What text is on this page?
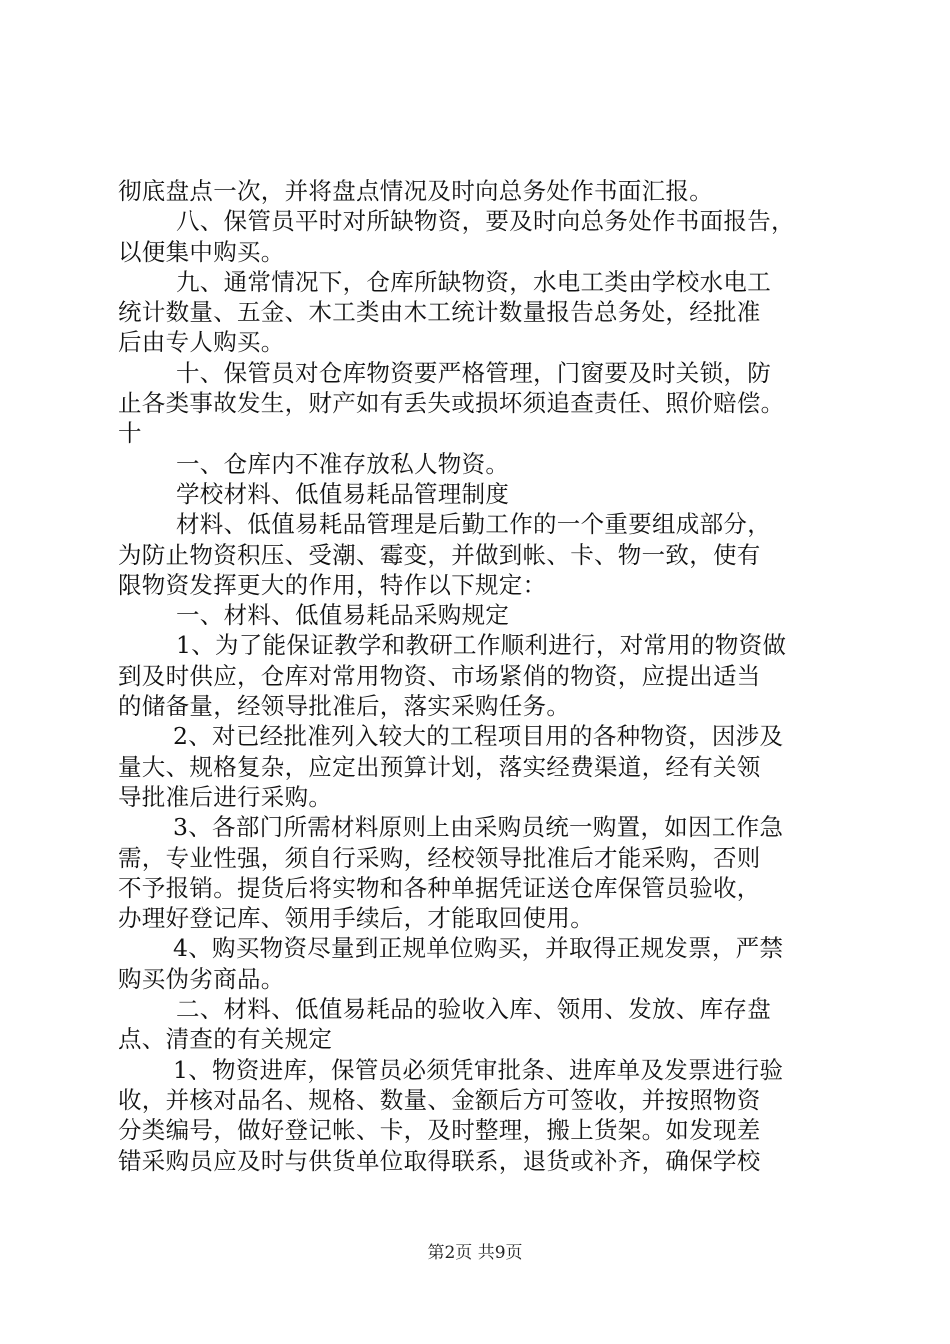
彻底盘点一次，并将盘点情况及时向总务处作书面汇报。
八、保管员平时对所缺物资，要及时向总务处作书面报告，
以便集中购买。
九、通常情况下，仓库所缺物资，水电工类由学校水电工
统计数量、五金、木工类由木工统计数量报告总务处，经批准
后由专人购买。
十、保管员对仓库物资要严格管理，门窗要及时关锁，防
止各类事故发生，财产如有丢失或损坏须追查责任、照价赔偿。
十
一、仓库内不准存放私人物资。
学校材料、低值易耗品管理制度
材料、低值易耗品管理是后勤工作的一个重要组成部分，
为防止物资积压、受潮、霉变，并做到帐、卡、物一致，使有
限物资发挥更大的作用，特作以下规定：
一、材料、低值易耗品采购规定
1、为了能保证教学和教研工作顺利进行，对常用的物资做
到及时供应，仓库对常用物资、市场紧俏的物资，应提出适当
的储备量，经领导批准后，落实采购任务。
2、对已经批准列入较大的工程项目用的各种物资，因涉及
量大、规格复杂，应定出预算计划，落实经费渠道，经有关领
导批准后进行采购。
3、各部门所需材料原则上由采购员统一购置，如因工作急
需，专业性强，须自行采购，经校领导批准后才能采购，否则
不予报销。提货后将实物和各种单据凭证送仓库保管员验收，
办理好登记库、领用手续后，才能取回使用。
4、购买物资尽量到正规单位购买，并取得正规发票，严禁
购买伪劣商品。
二、材料、低值易耗品的验收入库、领用、发放、库存盘
点、清查的有关规定
1、物资进库，保管员必须凭审批条、进库单及发票进行验
收，并核对品名、规格、数量、金额后方可签收，并按照物资
分类编号，做好登记帐、卡，及时整理，搬上货架。如发现差
错采购员应及时与供货单位取得联系，退货或补齐，确保学校
第2页 共9页
